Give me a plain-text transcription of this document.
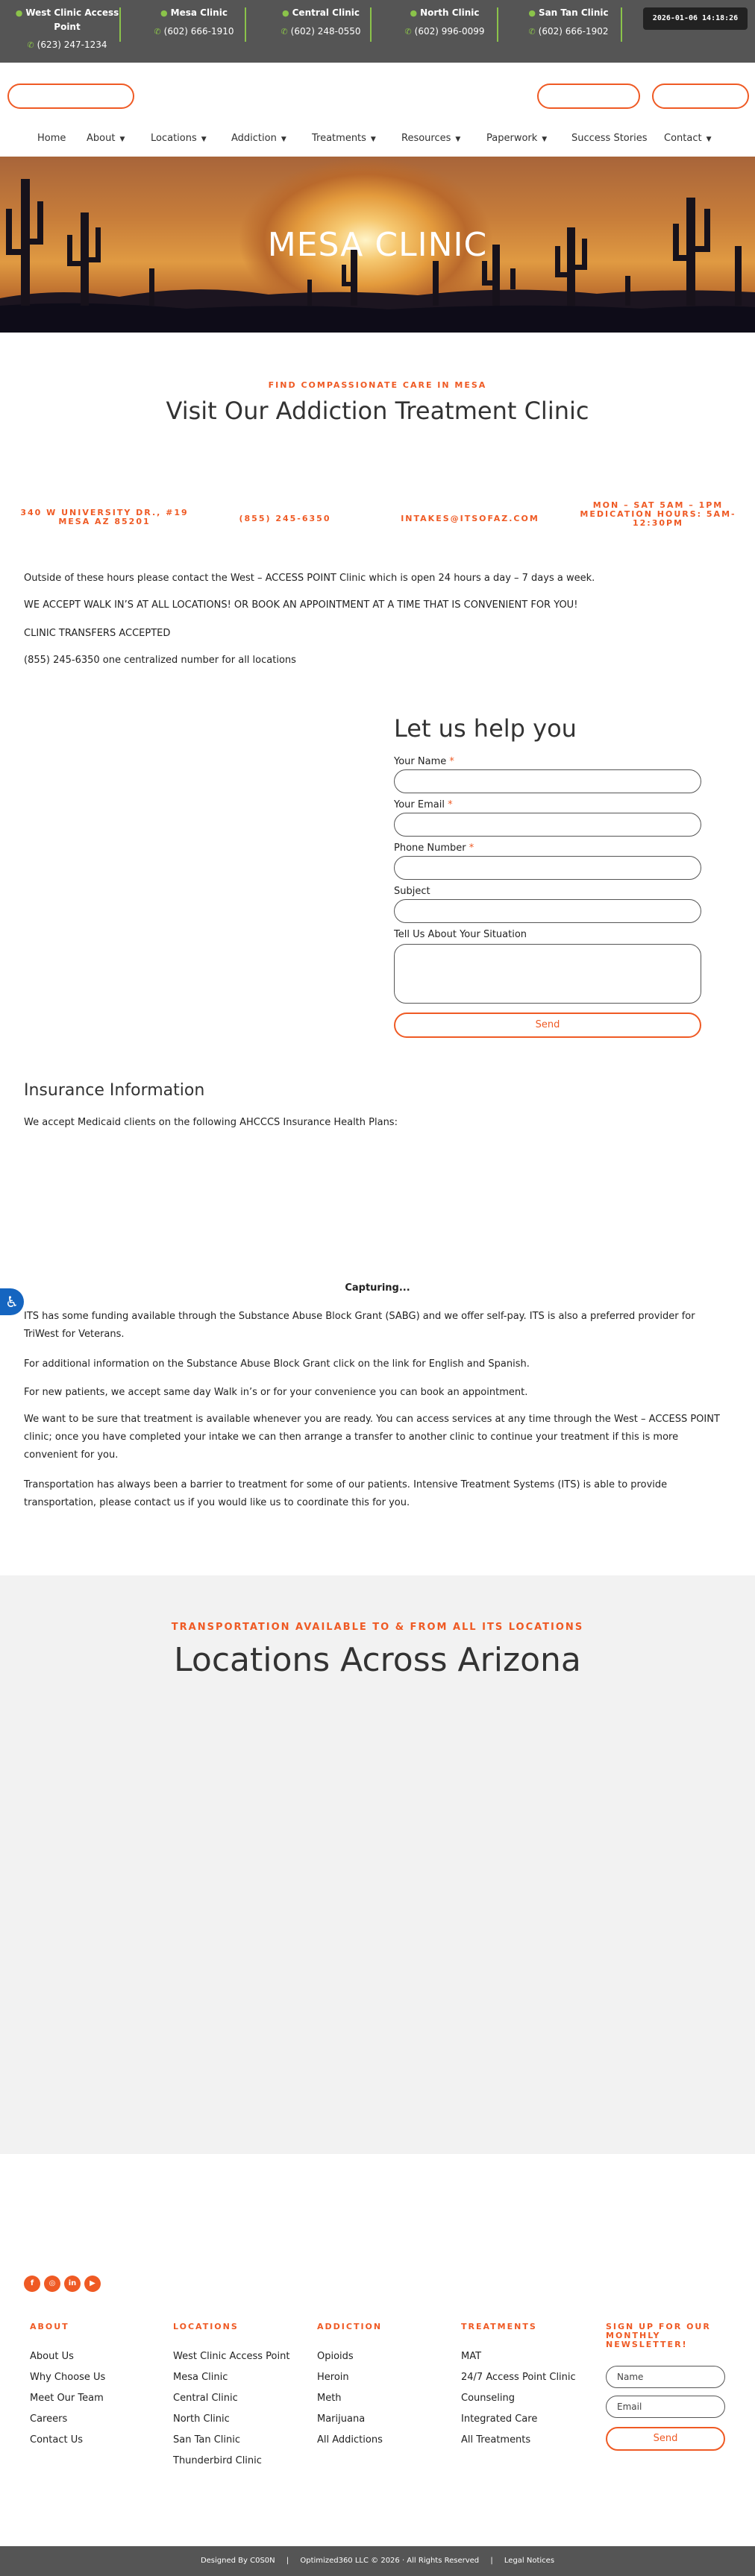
● West Clinic Access Point
✆ (623) 247-1234
● Mesa Clinic
✆ (602) 666-1910
● Central Clinic
✆ (602) 248-0550
● North Clinic
✆ (602) 996-0099
● San Tan Clinic
✆ (602) 666-1902
2026-01-06 14:18:26
Home About ▼	Locations ▼	Addiction ▼	Treatments ▼	Resources ▼	Paperwork ▼	Success Stories Contact ▼
MESA CLINIC
FIND COMPASSIONATE CARE IN MESA
Visit Our Addiction Treatment Clinic
340 W UNIVERSITY DR., #19
MESA AZ 85201	(855) 245-6350	INTAKES@ITSOFAZ.COM
MON – SAT 5AM – 1PM
MEDICATION HOURS: 5AM-
12:30PM

Outside of these hours please contact the West – ACCESS POINT Clinic which is open 24 hours a day – 7 days a week.

WE ACCEPT WALK IN’S AT ALL LOCATIONS! OR BOOK AN APPOINTMENT AT A TIME THAT IS CONVENIENT FOR YOU!

CLINIC TRANSFERS ACCEPTED

(855) 245-6350 one centralized number for all locations

Let us help you
Your Name *
Your Email *
Phone Number *
Subject
Tell Us About Your Situation
Send
Insurance Information

We accept Medicaid clients on the following AHCCCS Insurance Health Plans:

♿
Capturing...

ITS has some funding available through the Substance Abuse Block Grant (SABG) and we offer self-pay. ITS is also a preferred provider for TriWest for Veterans.

For additional information on the Substance Abuse Block Grant click on the link for English and Spanish.

For new patients, we accept same day Walk in’s or for your convenience you can book an appointment.

We want to be sure that treatment is available whenever you are ready. You can access services at any time through the West – ACCESS POINT clinic; once you have completed your intake we can then arrange a transfer to another clinic to continue your treatment if this is more convenient for you.

Transportation has always been a barrier to treatment for some of our patients. Intensive Treatment Systems (ITS) is able to provide transportation, please contact us if you would like us to coordinate this for you.

TRANSPORTATION AVAILABLE TO & FROM ALL ITS LOCATIONS
Locations Across Arizona
f	◎	in	▶
ABOUT
About Us
Why Choose Us
Meet Our Team
Careers
Contact Us
LOCATIONS
West Clinic Access Point
Mesa Clinic
Central Clinic
North Clinic
San Tan Clinic
Thunderbird Clinic
ADDICTION
Opioids
Heroin
Meth
Marijuana
All Addictions
TREATMENTS
MAT
24/7 Access Point Clinic
Counseling
Integrated Care
All Treatments
SIGN UP FOR OUR
MONTHLY
NEWSLETTER!
Name
Email
Send
Designed By C0S0N | Optimized360 LLC © 2026 · All Rights Reserved | Legal Notices
